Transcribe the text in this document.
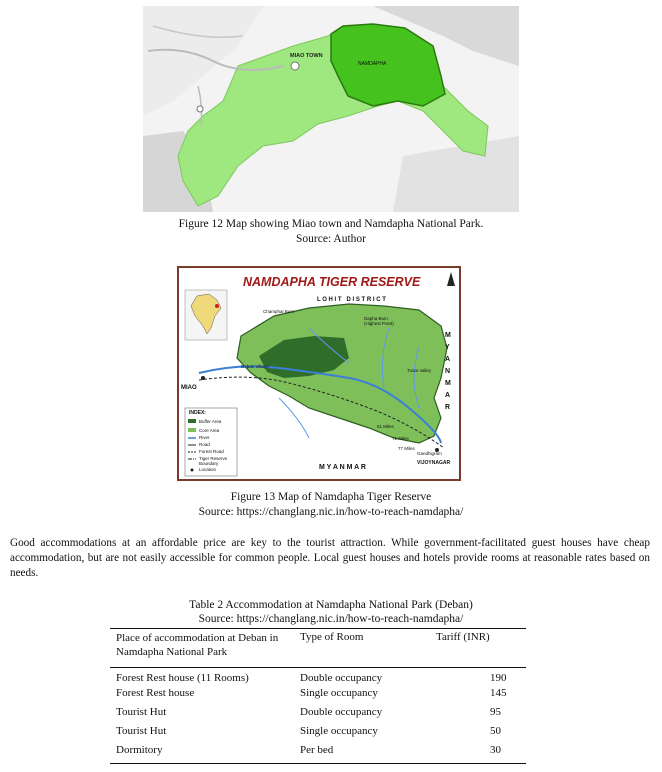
MIAO TOWN
NAMDAPHA
Figure 12 Map showing Miao town and Namdapha National Park.
Source: Author
NAMDAPHA TIGER RESERVE
L O H I T   D I S T R I C T
M Y A N M A R
M Y A N M A R
Champhai Bum
Dapha Bum (Highest Point)
Deban Village
MIAO
Tusar valley
51 Miles
71 Miles
77 Miles
Gandhigram
VIJOYNAGAR
INDEX:
Buffer Area
Core Area
River
Road
Forest Road
Tiger Reserve Boundary
Location
Figure 13 Map of Namdapha Tiger Reserve
Source: https://changlang.nic.in/how-to-reach-namdapha/
Good accommodations at an affordable price are key to the tourist attraction. While government-facilitated guest houses have cheap accommodation, but are not easily accessible for common people. Local guest houses and hotels provide rooms at reasonable rates based on needs.
Table 2 Accommodation at Namdapha National Park (Deban)
Source: https://changlang.nic.in/how-to-reach-namdapha/
Place of accommodation at Deban in Namdapha National Park	Type of Room	Tariff (INR)
Forest Rest house (11 Rooms)	Double occupancy	190
Forest Rest house	Single occupancy	145
Tourist Hut	Double occupancy	95
Tourist Hut	Single occupancy	50
Dormitory	Per bed	30
